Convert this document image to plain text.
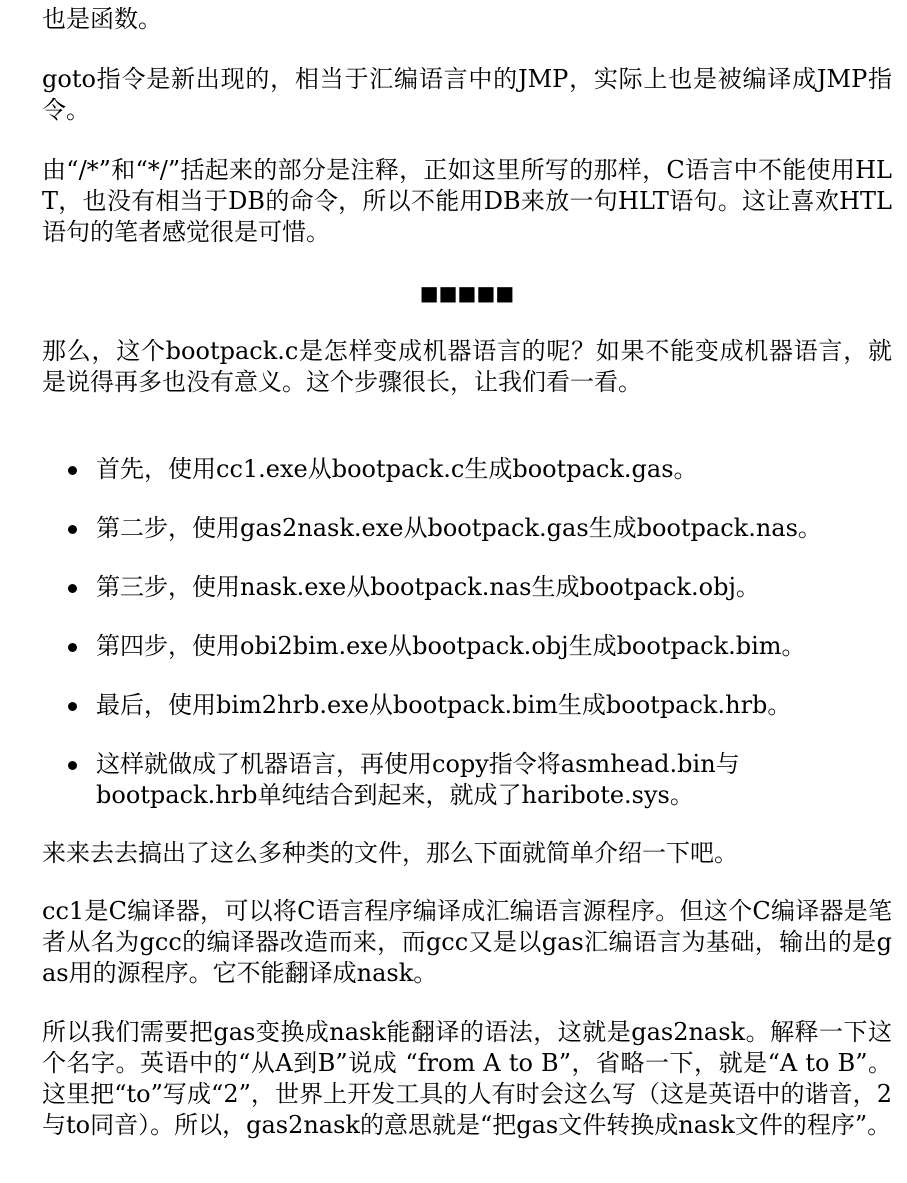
也是函数。

goto指令是新出现的，相当于汇编语言中的JMP，实际上也是被编译成JMP指令。

由“/*”和“*/”括起来的部分是注释，正如这里所写的那样，C语言中不能使用HLT，也没有相当于DB的命令，所以不能用DB来放一句HLT语句。这让喜欢HTL语句的笔者感觉很是可惜。

■■■■■

那么，这个bootpack.c是怎样变成机器语言的呢？如果不能变成机器语言，就是说得再多也没有意义。这个步骤很长，让我们看一看。

首先，使用cc1.exe从bootpack.c生成bootpack.gas。
第二步，使用gas2nask.exe从bootpack.gas生成bootpack.nas。
第三步，使用nask.exe从bootpack.nas生成bootpack.obj。
第四步，使用obi2bim.exe从bootpack.obj生成bootpack.bim。
最后，使用bim2hrb.exe从bootpack.bim生成bootpack.hrb。
这样就做成了机器语言，再使用copy指令将asmhead.bin与bootpack.hrb单纯结合到起来，就成了haribote.sys。

来来去去搞出了这么多种类的文件，那么下面就简单介绍一下吧。

cc1是C编译器，可以将C语言程序编译成汇编语言源程序。但这个C编译器是笔者从名为gcc的编译器改造而来，而gcc又是以gas汇编语言为基础，输出的是gas用的源程序。它不能翻译成nask。

所以我们需要把gas变换成nask能翻译的语法，这就是gas2nask。解释一下这个名字。英语中的“从A到B”说成 “from A to B”，省略一下，就是“A to B”。这里把“to”写成“2”，世界上开发工具的人有时会这么写（这是英语中的谐音，2与to同音）。所以，gas2nask的意思就是“把gas文件转换成nask文件的程序”。
